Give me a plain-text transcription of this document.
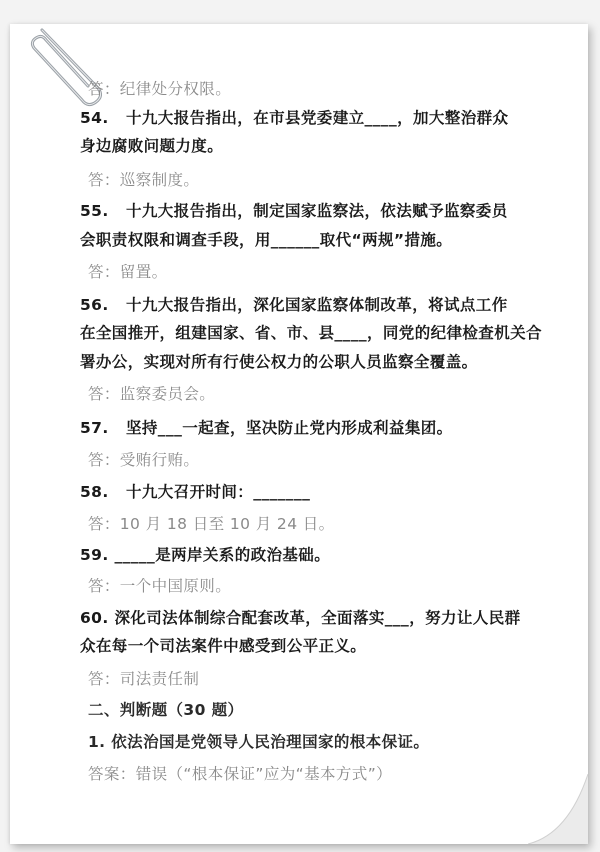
答：纪律处分权限。
54. 十九大报告指出，在市县党委建立____，加大整治群众
身边腐败问题力度。
答：巡察制度。
55. 十九大报告指出，制定国家监察法，依法赋予监察委员
会职责权限和调查手段，用______取代“两规”措施。
答：留置。
56. 十九大报告指出，深化国家监察体制改革，将试点工作
在全国推开，组建国家、省、市、县____，同党的纪律检查机关合
署办公，实现对所有行使公权力的公职人员监察全覆盖。
答：监察委员会。
57. 坚持___一起查，坚决防止党内形成利益集团。
答：受贿行贿。
58. 十九大召开时间：_______
答：10 月 18 日至 10 月 24 日。
59. _____是两岸关系的政治基础。
答：一个中国原则。
60. 深化司法体制综合配套改革，全面落实___，努力让人民群
众在每一个司法案件中感受到公平正义。
答：司法责任制
二、判断题（30 题）
1. 依法治国是党领导人民治理国家的根本保证。
答案：错误（“根本保证”应为“基本方式”）
